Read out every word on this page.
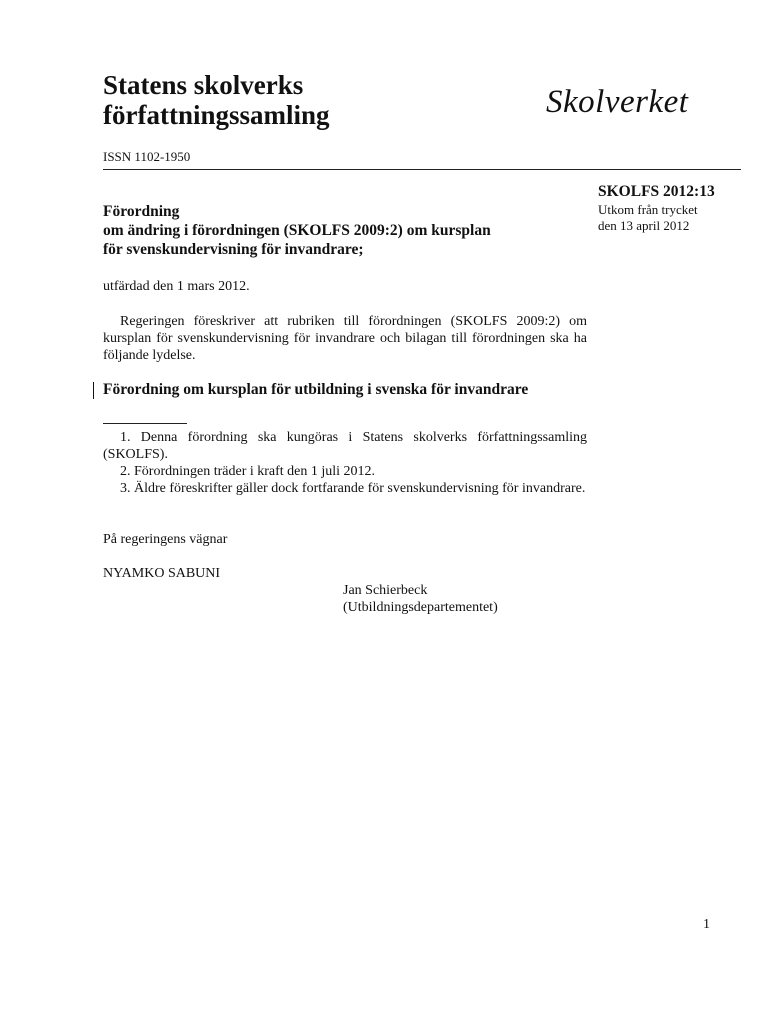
Statens skolverks
författningssamling	Skolverket
ISSN 1102-1950
SKOLFS 2012:13
Utkom från trycket
den 13 april 2012
Förordning
om ändring i förordningen (SKOLFS 2009:2) om kursplan
för svenskundervisning för invandrare;
utfärdad den 1 mars 2012.

Regeringen föreskriver att rubriken till förordningen (SKOLFS 2009:2) om kursplan för svenskundervisning för invandrare och bilagan till förordningen ska ha följande lydelse.

Förordning om kursplan för utbildning i svenska för invandrare

1. Denna förordning ska kungöras i Statens skolverks författningssamling (SKOLFS).

2. Förordningen träder i kraft den 1 juli 2012.

3. Äldre föreskrifter gäller dock fortfarande för svenskundervisning för invandrare.

På regeringens vägnar
NYAMKO SABUNI
Jan Schierbeck
(Utbildningsdepartementet)
1
